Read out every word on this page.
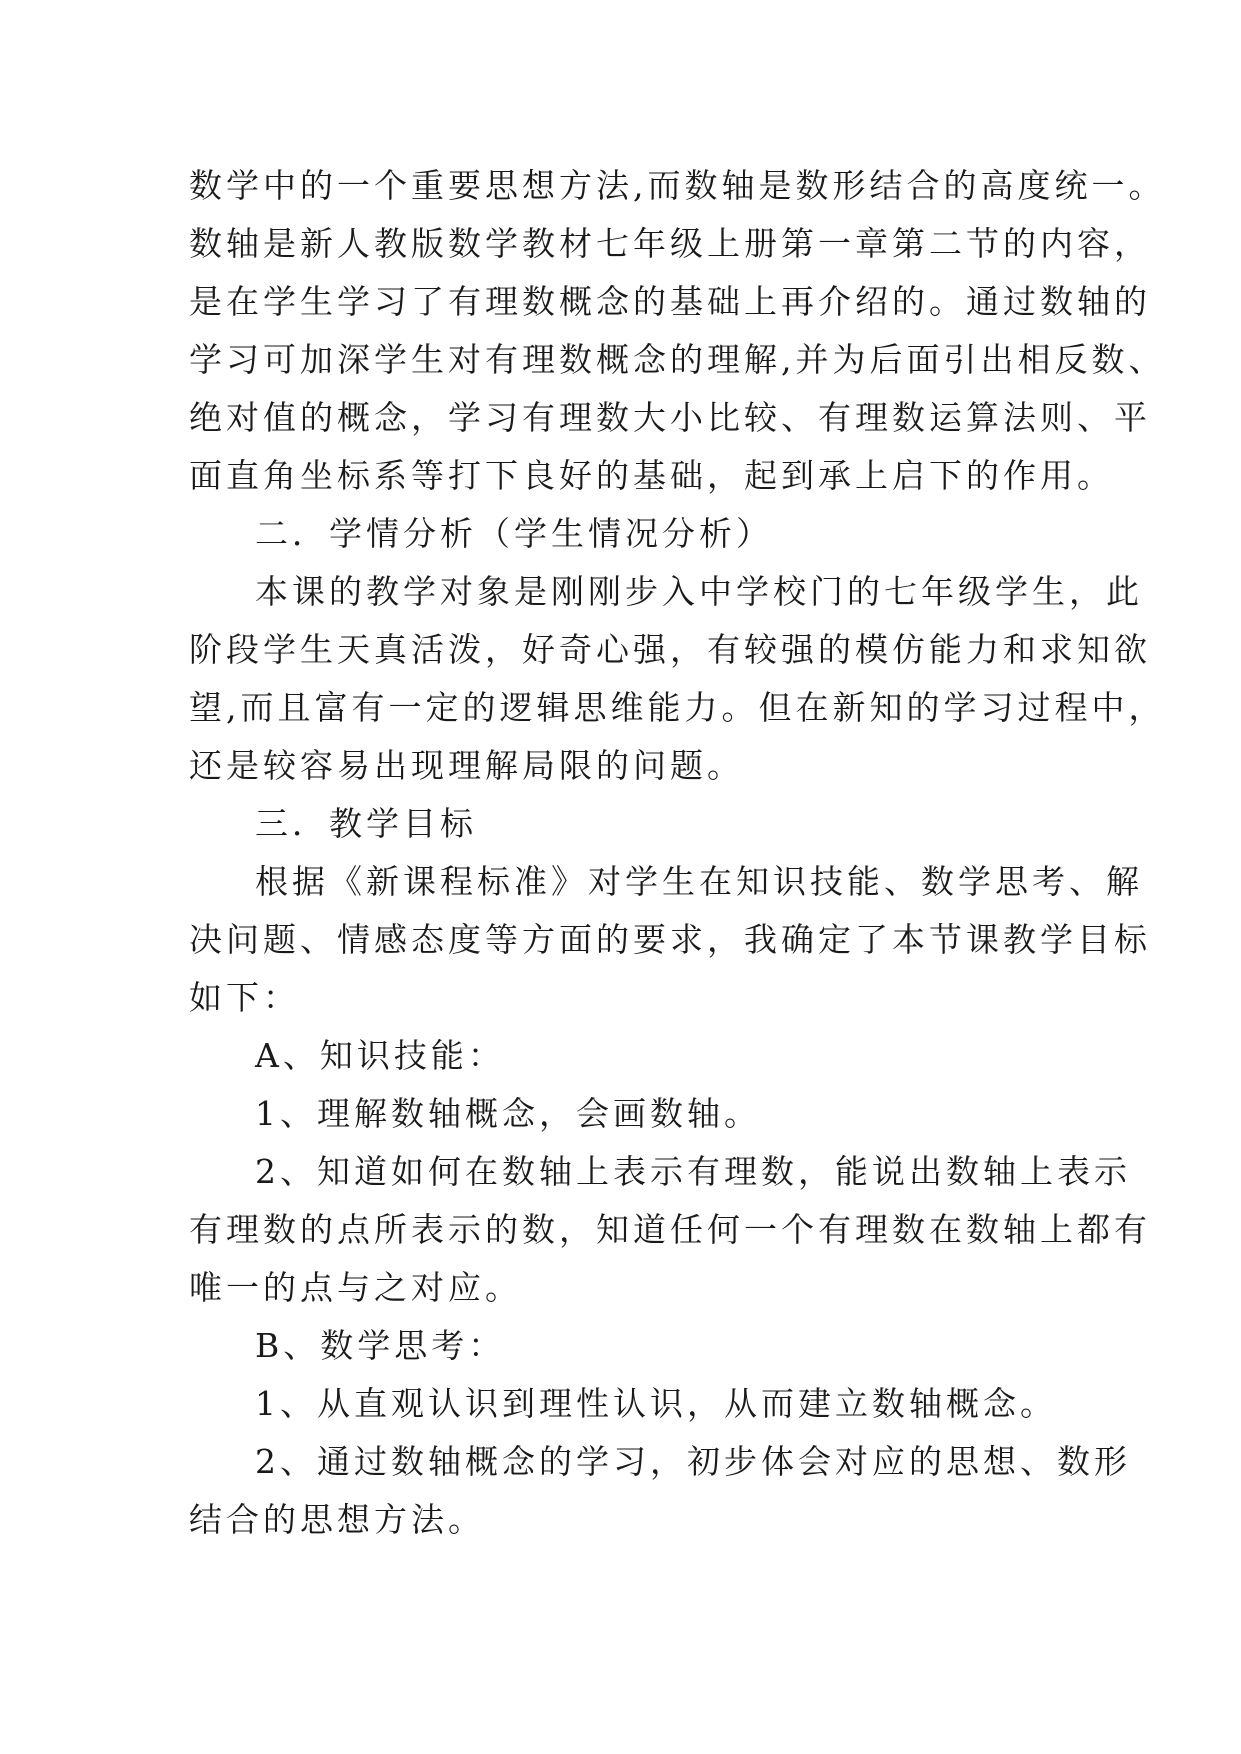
数学中的一个重要思想方法,而数轴是数形结合的高度统一。
数轴是新人教版数学教材七年级上册第一章第二节的内容，
是在学生学习了有理数概念的基础上再介绍的。通过数轴的
学习可加深学生对有理数概念的理解,并为后面引出相反数、
绝对值的概念，学习有理数大小比较、有理数运算法则、平
面直角坐标系等打下良好的基础，起到承上启下的作用。
二．学情分析（学生情况分析）
本课的教学对象是刚刚步入中学校门的七年级学生，此
阶段学生天真活泼，好奇心强，有较强的模仿能力和求知欲
望,而且富有一定的逻辑思维能力。但在新知的学习过程中，
还是较容易出现理解局限的问题。
三．教学目标
根据《新课程标准》对学生在知识技能、数学思考、解
决问题、情感态度等方面的要求，我确定了本节课教学目标
如下：
A、知识技能：
1、理解数轴概念，会画数轴。
2、知道如何在数轴上表示有理数，能说出数轴上表示
有理数的点所表示的数，知道任何一个有理数在数轴上都有
唯一的点与之对应。
B、数学思考：
1、从直观认识到理性认识，从而建立数轴概念。
2、通过数轴概念的学习，初步体会对应的思想、数形
结合的思想方法。
